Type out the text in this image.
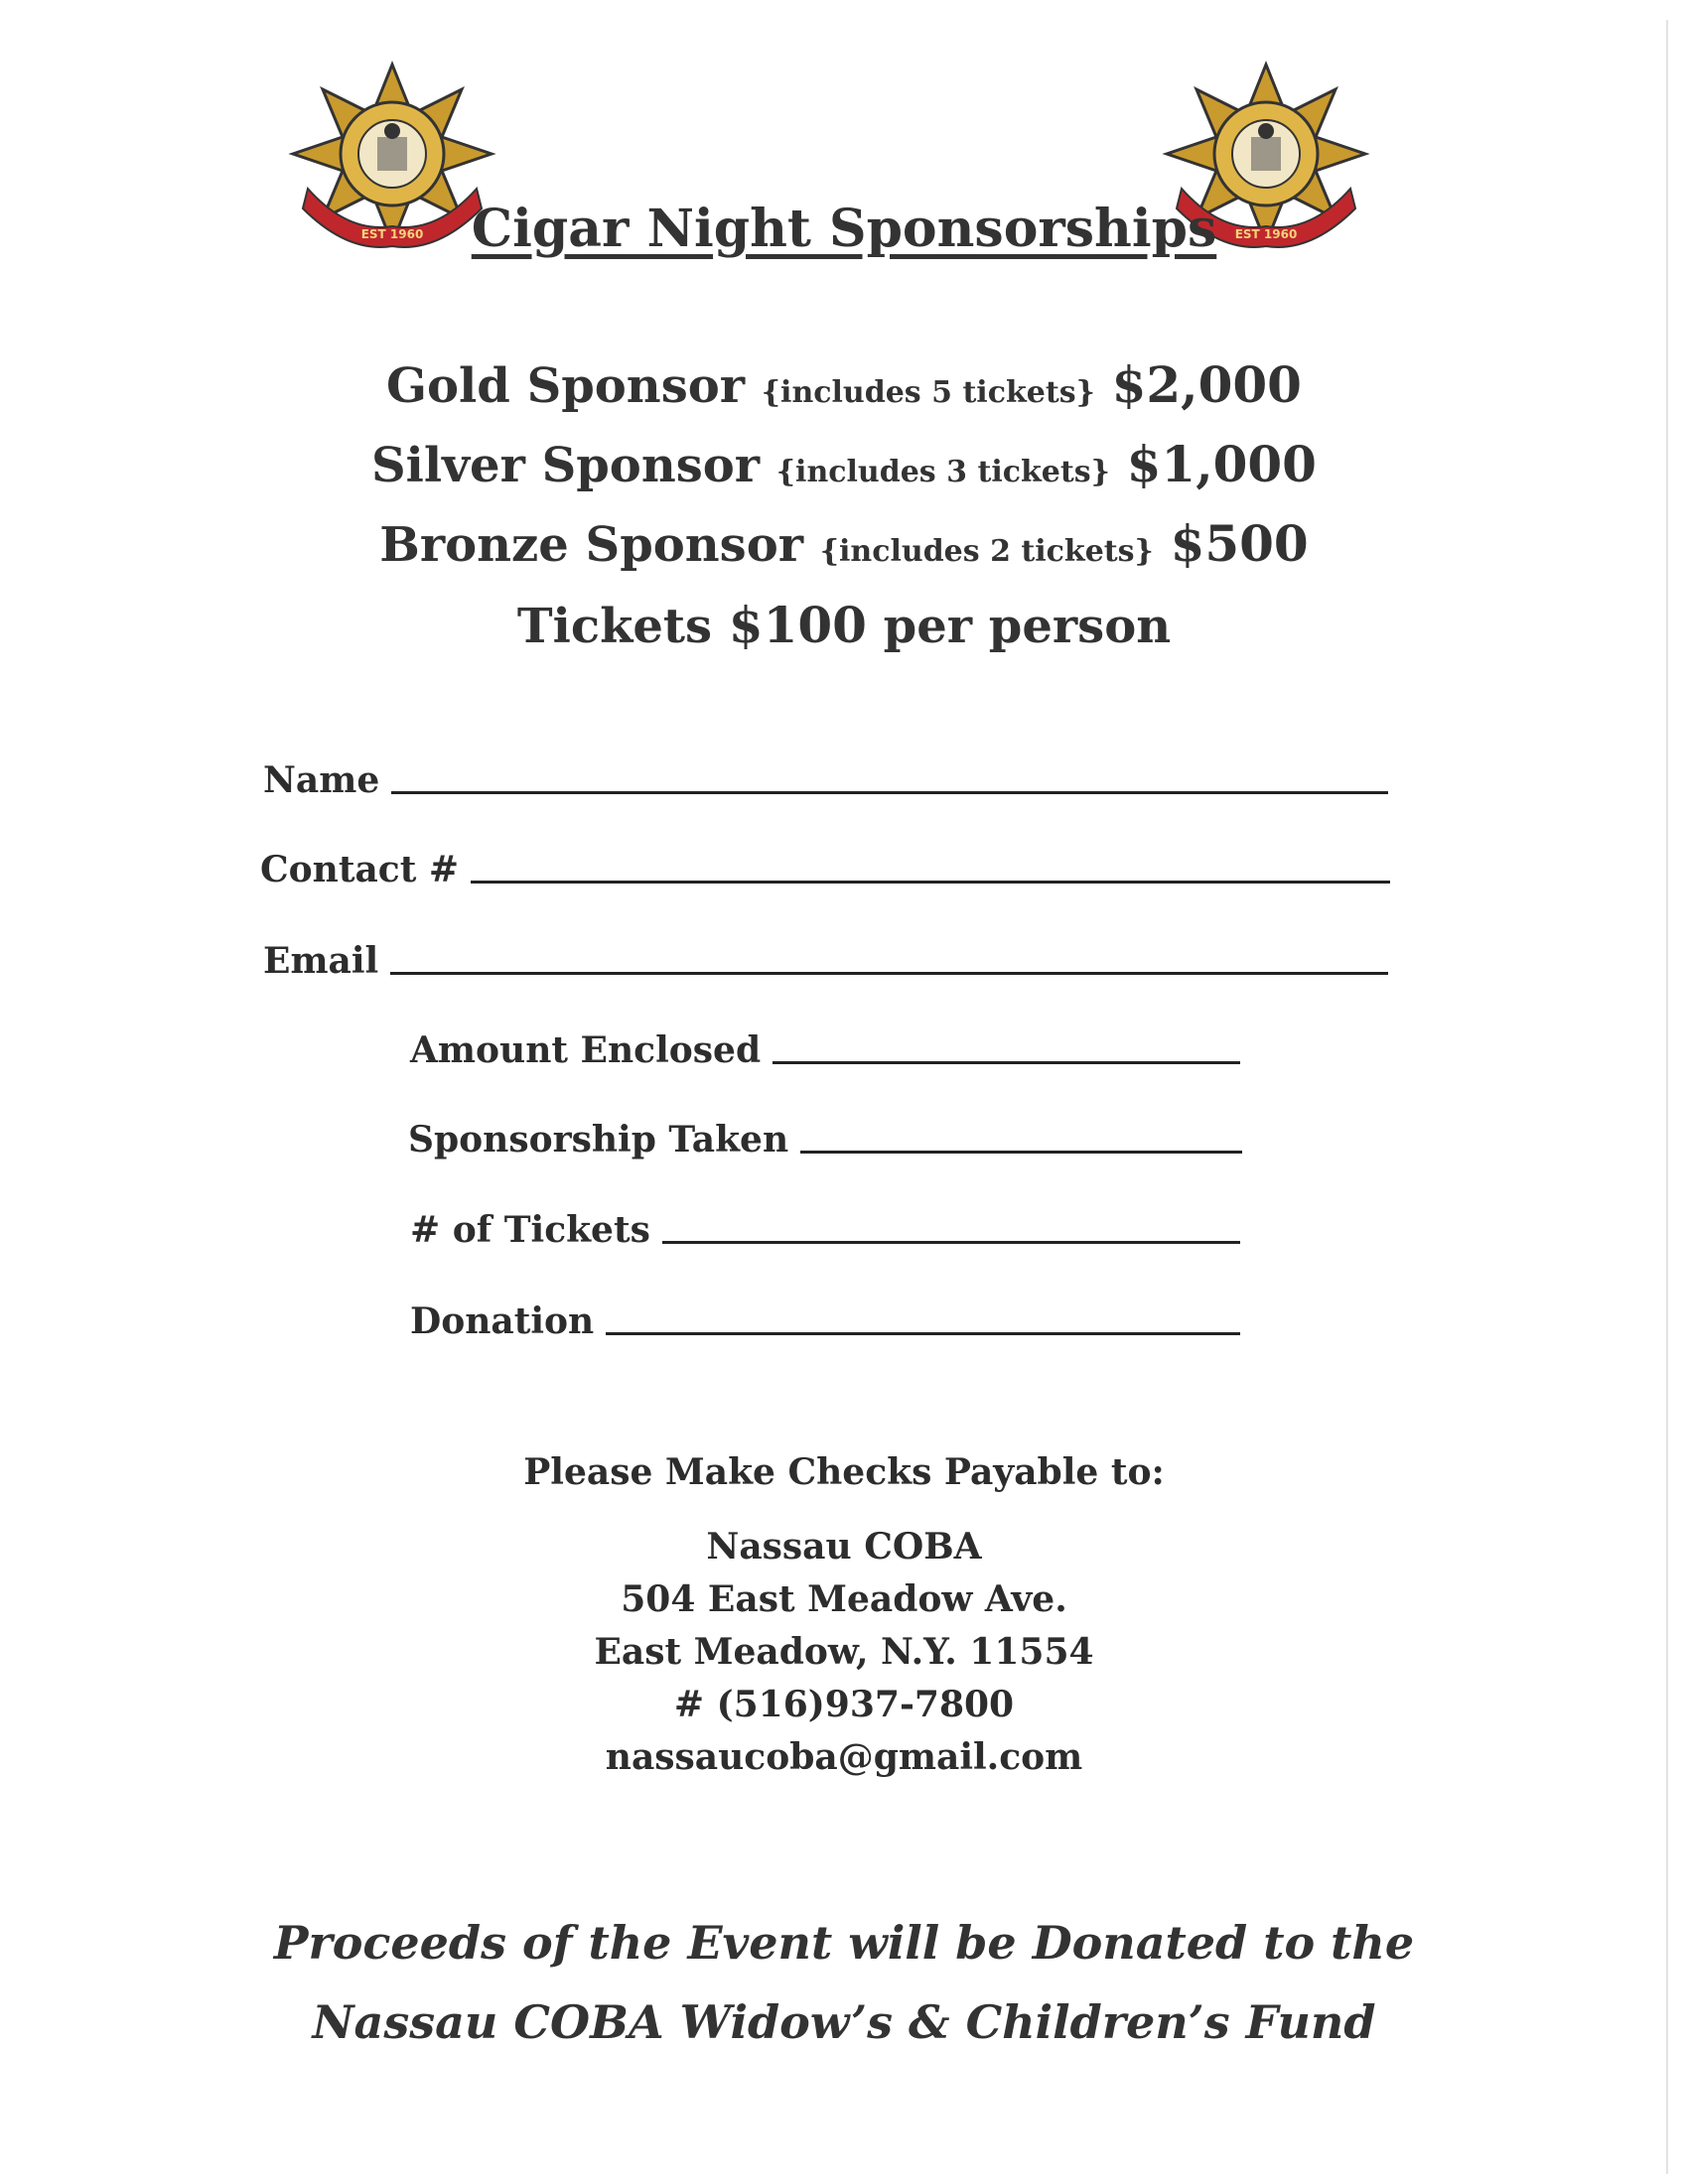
EST 1960	EST 1960
Cigar Night Sponsorships
Gold Sponsor {includes 5 tickets} $2,000
Silver Sponsor {includes 3 tickets} $1,000
Bronze Sponsor {includes 2 tickets} $500
Tickets $100 per person
Name
Contact #
Email
Amount Enclosed
Sponsorship Taken
# of Tickets
Donation
Please Make Checks Payable to:
Nassau COBA
504 East Meadow Ave.
East Meadow, N.Y. 11554
# (516)937-7800
nassaucoba@gmail.com
Proceeds of the Event will be Donated to the
Nassau COBA Widow’s & Children’s Fund
